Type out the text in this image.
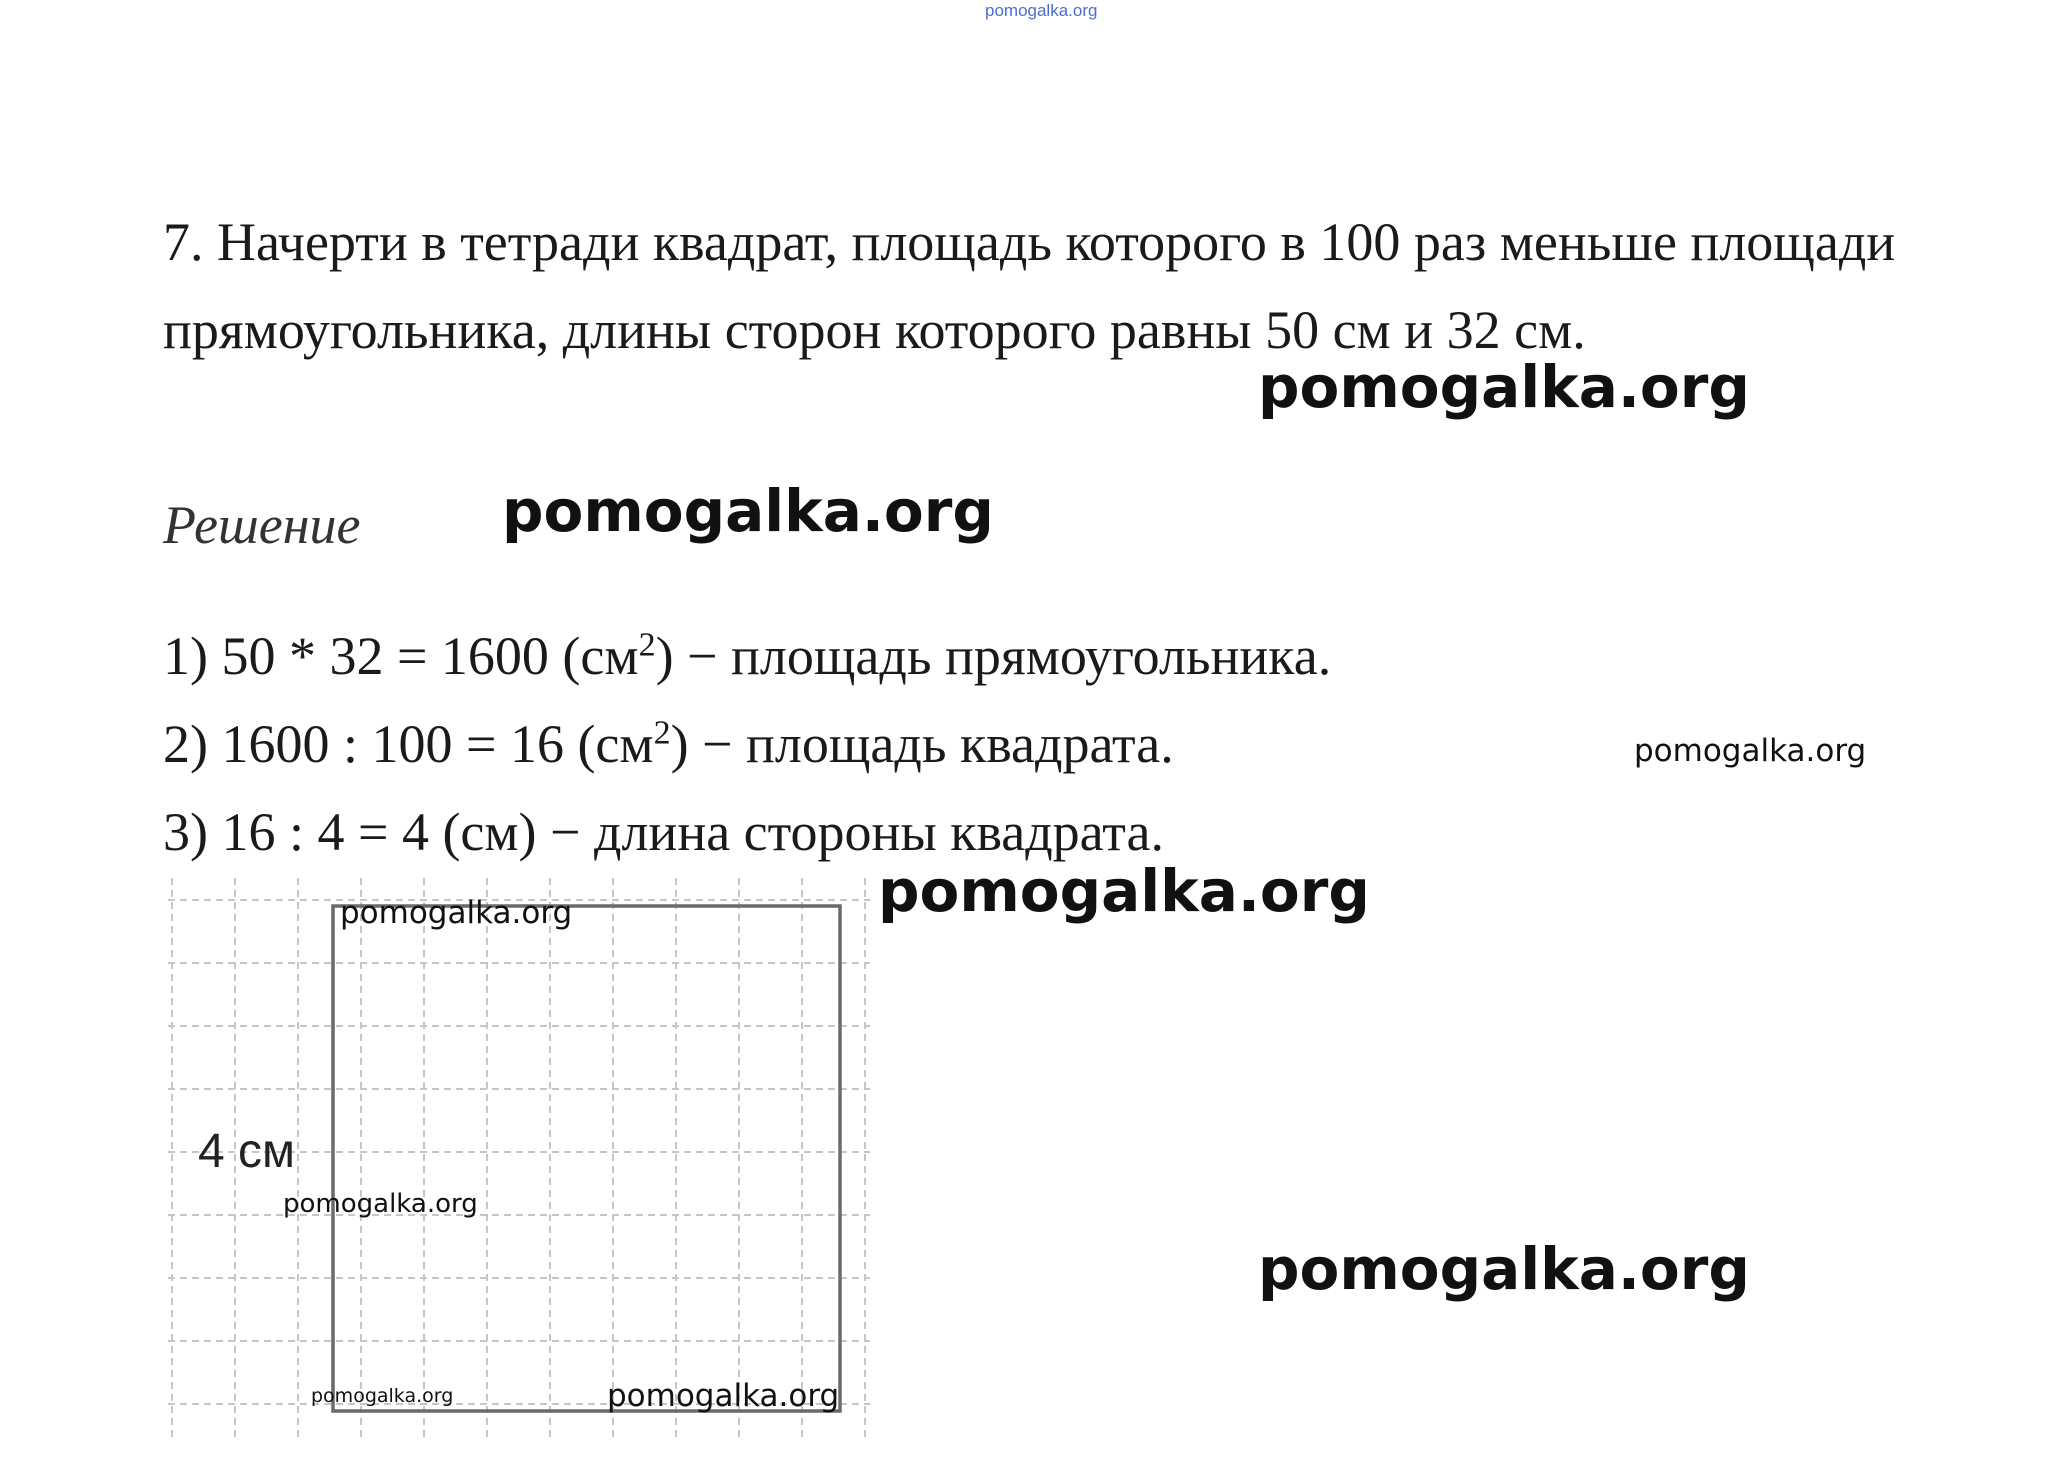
pomogalka.org

7. Начерти в тетради квадрат, площадь которого в 100 раз меньше площади прямоугольника, длины сторон которого равны 50 см и 32 см.

pomogalka.org
Решение pomogalka.org
1) 50 * 32 = 1600 $(см^2)$ − площадь прямоугольника.
2) 1600 : 100 = 16 $(см^2)$ − площадь квадрата.
3) 16 : 4 = 4 (см) − длина стороны квадрата.
pomogalka.org
pomogalka.org
4 см
pomogalka.org
pomogalka.org
pomogalka.org
pomogalka.org	pomogalka.org
